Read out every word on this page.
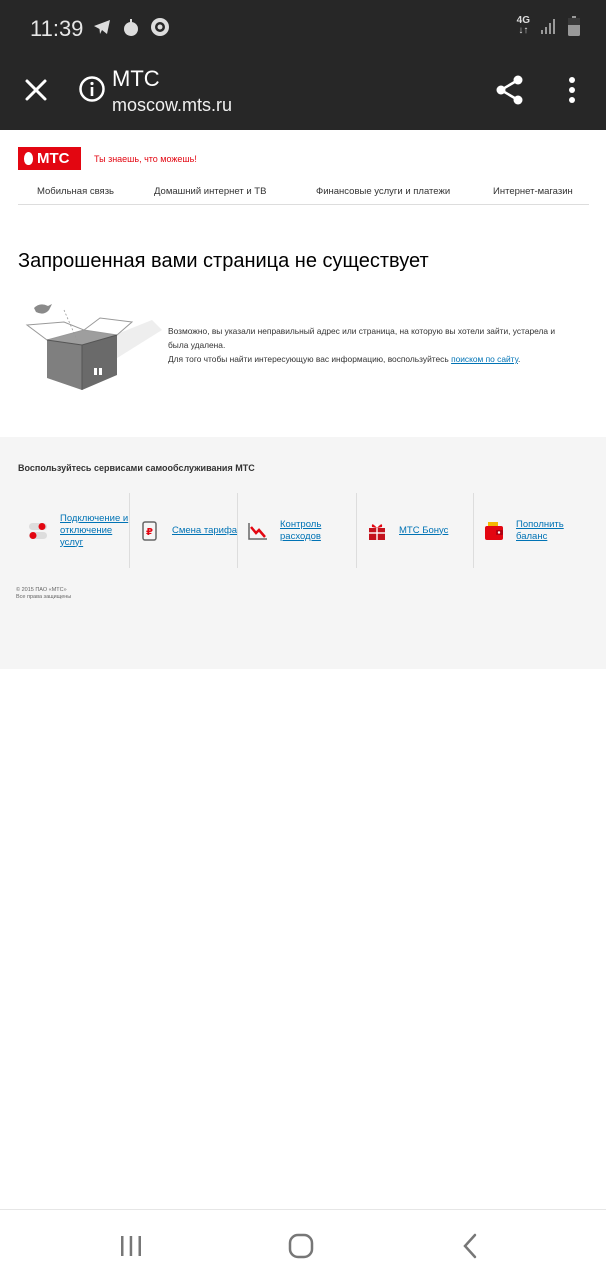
11:39	4G
↓↑
МТС
moscow.mts.ru
МТС	Ты знаешь, что можешь!
Мобильная связь	Домашний интернет и ТВ	Финансовые услуги и платежи	Интернет-магазин
Запрошенная вами страница не существует
Возможно, вы указали неправильный адрес или страница, на которую вы хотели зайти, устарела и была удалена.
Для того чтобы найти интересующую вас информацию, воспользуйтесь поиском по сайту.
Воспользуйтесь сервисами самообслуживания МТС
Подключение и отключение услуг
₽ Смена тарифа
Контроль расходов
МТС Бонус
Пополнить баланс
© 2015 ПАО «МТС»
Все права защищены
